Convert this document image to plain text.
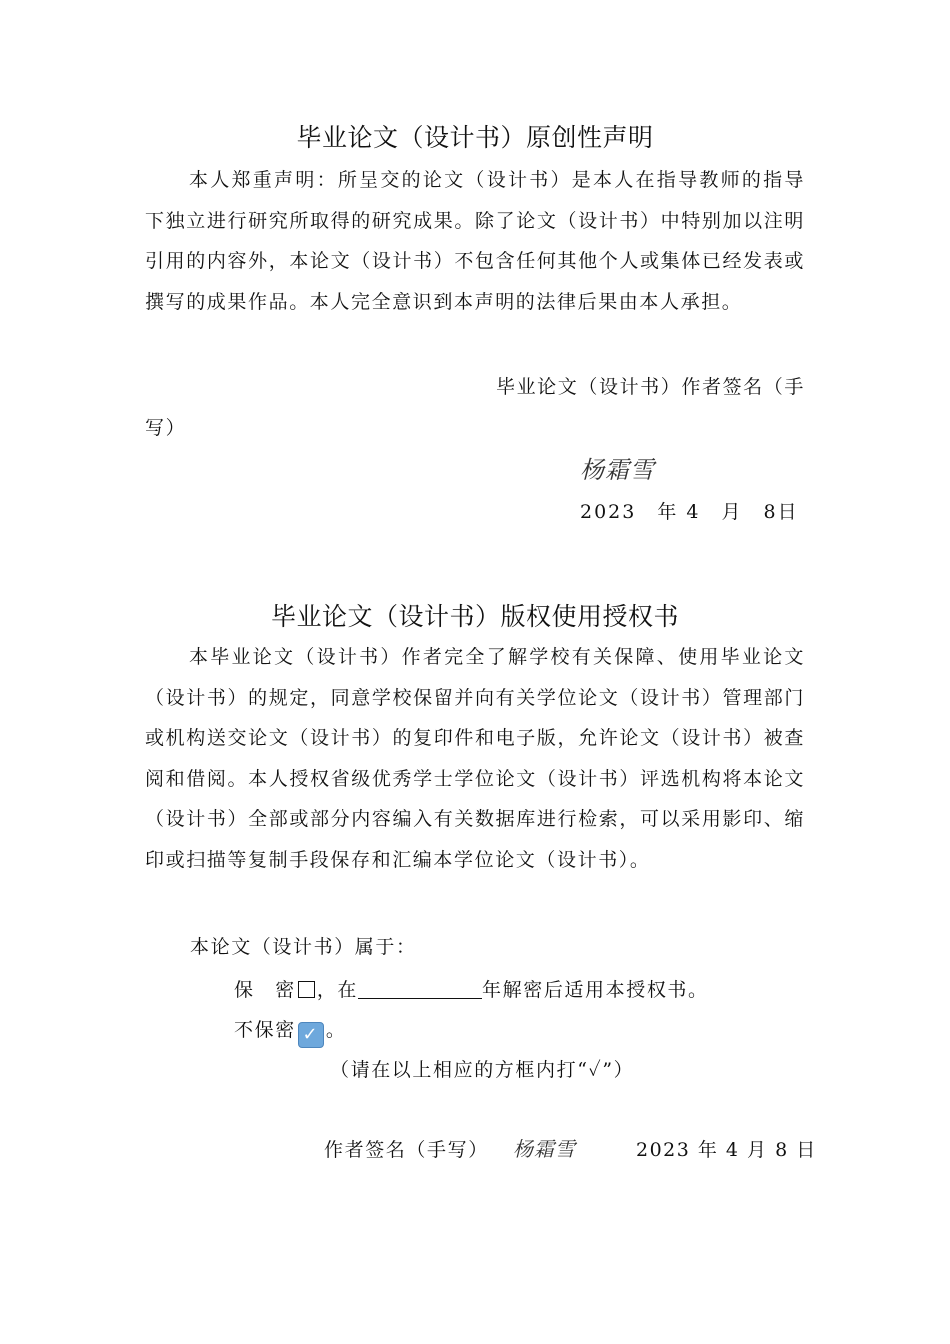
毕业论文（设计书）原创性声明

本人郑重声明：所呈交的论文（设计书）是本人在指导教师的指导下独立进行研究所取得的研究成果。除了论文（设计书）中特别加以注明引用的内容外，本论文（设计书）不包含任何其他个人或集体已经发表或撰写的成果作品。本人完全意识到本声明的法律后果由本人承担。

毕业论文（设计书）作者签名（手
写）
杨霜雪
2023　年 4　月　8日
毕业论文（设计书）版权使用授权书

本毕业论文（设计书）作者完全了解学校有关保障、使用毕业论文（设计书）的规定，同意学校保留并向有关学位论文（设计书）管理部门或机构送交论文（设计书）的复印件和电子版，允许论文（设计书）被查阅和借阅。本人授权省级优秀学士学位论文（设计书）评选机构将本论文（设计书）全部或部分内容编入有关数据库进行检索，可以采用影印、缩印或扫描等复制手段保存和汇编本学位论文（设计书）。

本论文（设计书）属于：
保　密 ，在	年解密后适用本授权书。
不保密 ✓ 。
（请在以上相应的方框内打“✓”）
作者签名（手写） 杨霜雪	2023 年 4 月 8 日
